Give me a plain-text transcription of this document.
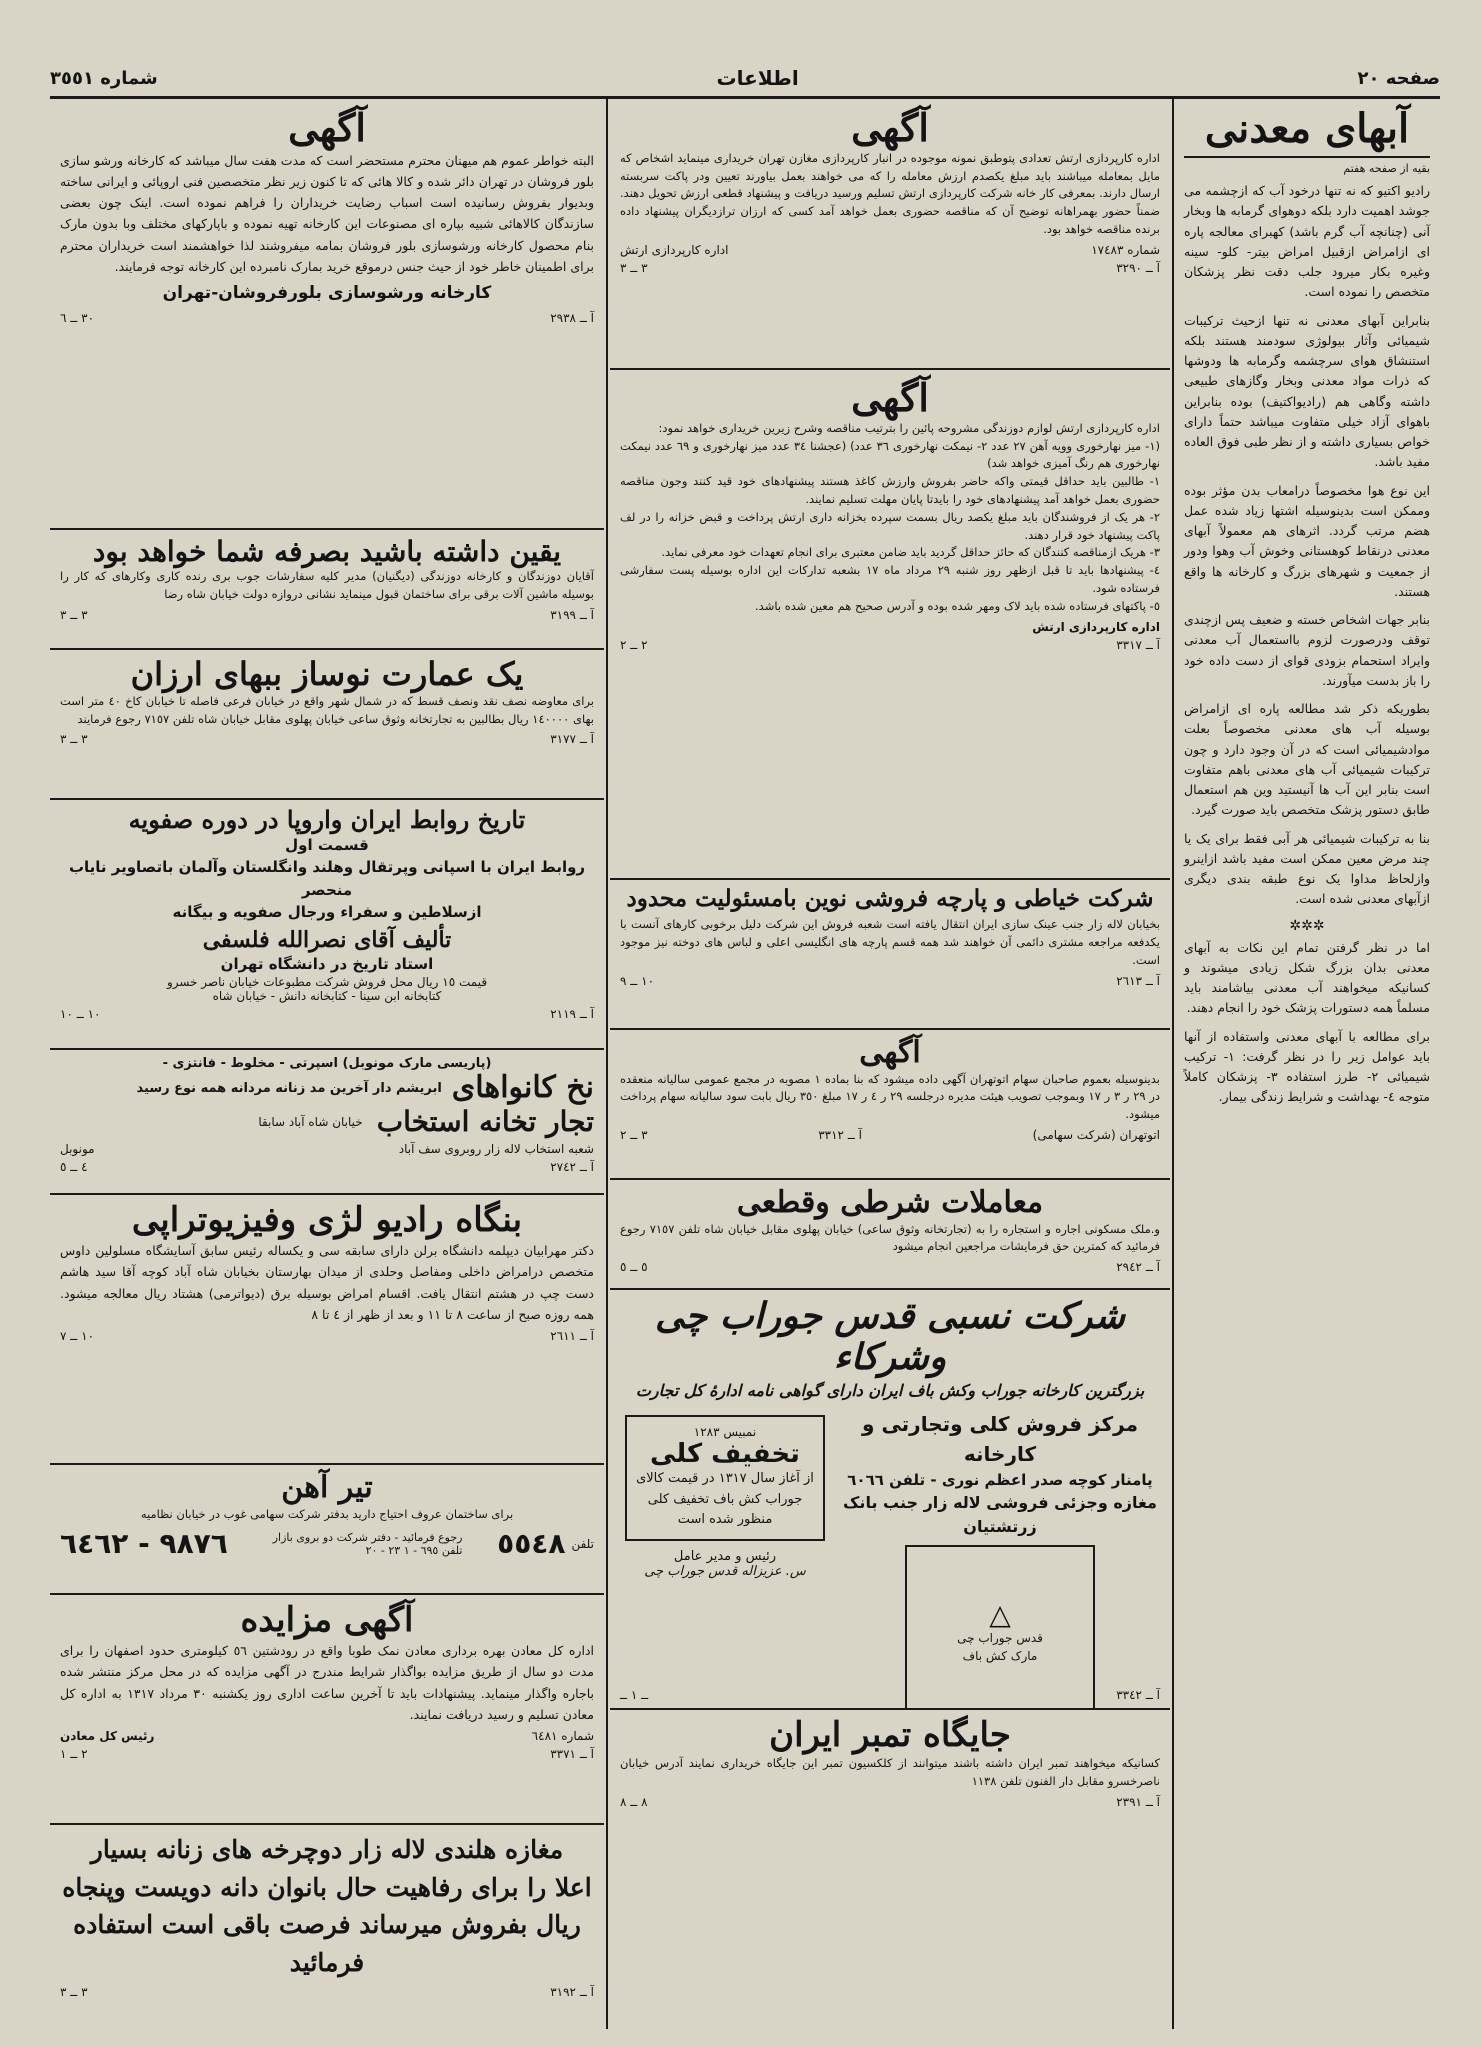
شماره ٣٥٥١	اطلاعات	صفحه ٢٠
آبهای معدنی
بقیه از صفحه هفتم

رادیو اکتیو که نه تنها درخود آب که ازچشمه می جوشد اهمیت دارد بلکه دوهوای گرمابه ها وبخار آنی (چنانچه آب گرم باشد) کهبرای معالجه پاره ای ازامراض ازقبیل امراض بیتر- کلو- سینه وغیره بکار میرود جلب دقت نظر پزشکان متخصص را نموده است.

بنابراین آبهای معدنی نه تنها ازحیث ترکیبات شیمیائی وآثار بیولوژی سودمند هستند بلکه استنشاق هوای سرچشمه وگرمابه ها ودوشها که ذرات مواد معدنی وبخار وگازهای طبیعی داشته وگاهی هم (رادیواکتیف) بوده بنابراین باهوای آزاد خیلی متفاوت میباشد حتماً دارای خواص بسیاری داشته و از نظر طبی فوق العاده مفید باشد.

این نوع هوا مخصوصاً درامعاب بدن مؤثر بوده وممکن است بدینوسیله اشتها زیاد شده عمل هضم مرتب گردد. اثرهای هم معمولاً آبهای معدنی درنقاط کوهستانی وخوش آب وهوا ودور از جمعیت و شهرهای بزرگ و کارخانه ها واقع هستند.

بنابر جهات اشخاص خسته و ضعیف پس ازچندی توقف ودرصورت لزوم بااستعمال آب معدنی وایراد استحمام بزودی قوای از دست داده خود را باز بدست میآورند.

بطوریکه ذکر شد مطالعه پاره ای ازامراض بوسیله آب های معدنی مخصوصاً بعلت موادشیمیائی است که در آن وجود دارد و چون ترکیبات شیمیائی آب های معدنی باهم متفاوت است بنابر این آب ها آنیستید وین هم استعمال طابق دستور پزشک متخصص باید صورت گیرد.

بنا به ترکیبات شیمیائی هر آبی فقط برای یک یا چند مرض معین ممکن است مفید باشد ازاینرو وازلحاظ مداوا یک نوع طبقه بندی دیگری ازآبهای معدنی شده است.

✲✲✲

اما در نظر گرفتن تمام این نکات به آبهای معدنی بدان بزرگ شکل زیادی میشوند و کسانیکه میخواهند آب معدنی بیاشامند باید مسلماً همه دستورات پزشک خود را انجام دهند.

برای مطالعه با آبهای معدنی واستفاده از آنها باید عوامل زیر را در نظر گرفت: ١- ترکیب شیمیائی ٢- طرز استفاده ٣- پزشکان کاملاً متوجه ٤- بهداشت و شرایط زندگی بیمار.

آگهی

اداره کارپردازی ارتش تعدادی پتوطبق نمونه موجوده در انبار کارپردازی مغازن تهران خریداری مینماید اشخاص که مایل بمعامله میباشند باید مبلغ یکصدم ارزش معامله را که می خواهند بعمل بیاورند تعیین ودر پاکت سربسته ارسال دارند. بمعرفی کار خانه شرکت کارپردازی ارتش تسلیم ورسید دریافت و پیشنهاد قطعی ارزش تحویل دهند. ضمناً حضور بهمراهانه توضیح آن که مناقصه حضوری بعمل خواهد آمد کسی که ارزان ترازدیگران پیشنهاد داده برنده مناقصه خواهد بود.

شماره ١٧٤٨٣
اداره کارپردازی ارتش
آ ــ ٣٢٩٠
٣ ــ ٣
آگهی

اداره کارپردازی ارتش لوازم دوزندگی مشروحه پائین را بترتیب مناقصه وشرح زیرین خریداری خواهد نمود:

(١- میز نهارخوری وویه آهن ٢٧ عدد ٢- نیمکت نهارخوری ٣٦ عدد) (عجشنا ٣٤ عدد میز نهارخوری و ٦٩ عدد نیمکت نهارخوری هم رنگ آمیزی خواهد شد)

١- طالبین باید حداقل قیمتی واکه حاضر بفروش وارزش کاغذ هستند پیشنهادهای خود قید کنند وجون مناقصه حضوری بعمل خواهد آمد پیشنهادهای خود را بایدتا پایان مهلت تسلیم نمایند.

٢- هر یک از فروشندگان باید مبلغ یکصد ریال بسمت سپرده بخزانه داری ارتش پرداخت و قبض خزانه را در لف پاکت پیشنهاد خود قرار دهند.

٣- هریک ازمناقصه کنندگان که حائز حداقل گردید باید ضامن معتبری برای انجام تعهدات خود معرفی نماید.

٤- پیشنهادها باید تا قبل ازظهر روز شنبه ٢٩ مرداد ماه ١٧ بشعبه تدارکات این اداره بوسیله پست سفارشی فرستاده شود.

٥- پاکتهای فرستاده شده باید لاک ومهر شده بوده و آدرس صحیح هم معین شده باشد.

اداره کارپردازی ارتش
آ ــ ٣٣١٧
٢ ــ ٢
شرکت خیاطی و پارچه فروشی نوین بامسئولیت محدود

بخیابان لاله زار جنب عینک سازی ایران انتقال یافته است شعبه فروش این شرکت دلیل برخوبی کارهای آنست با یکدفعه مراجعه مشتری دائمی آن خواهند شد همه قسم پارچه های انگلیسی اعلی و لباس های دوخته نیز موجود است.

آ ــ ٢٦١٣
١٠ ــ ٩
آگهی

بدینوسیله بعموم صاحبان سهام اتوتهران آگهی داده میشود که بنا بماده ١ مصوبه در مجمع عمومی سالیانه منعقده در ٢٩ ر ٣ ر ١٧ وبموجب تصویب هیئت مدیره درجلسه ٢٩ ر ٤ ر ١٧ مبلغ ٣٥٠ ریال بابت سود سالیانه سهام پرداخت میشود.

اتوتهران (شرکت سهامی)
آ ــ ٣٣١٢
٣ ــ ٢
معاملات شرطی وقطعی

و.ملک مسکونی اجاره و استجاره را به (تجارتخانه وثوق ساعی) خیابان پهلوی مقابل خیابان شاه تلفن ٧١٥٧ رجوع فرمائید که کمترین حق فرمایشات مراجعین انجام میشود

آ ــ ٢٩٤٢
٥ ــ ٥
شرکت نسبی قدس جوراب چی وشرکاء
بزرگترین کارخانه جوراب وکش باف ایران دارای گواهی نامه ادارهٔ کل تجارت
مرکز فروش کلی وتجارتی و کارخانه
پامنار کوچه صدر اعظم نوری - تلفن ٦٠٦٦
مغازه وجزئی فروشی لاله زار جنب بانک زرتشتیان
△
قدس جوراب چی
مارک کش باف
نمبیس ١٢٨٣
تخفیف کلی
از آغاز سال ١٣١٧ در قیمت کالای جوراب کش باف تخفیف کلی منظور شده است
رئیس و مدیر عامل
س. عزیزاله قدس جوراب چی
آ ــ ٣٣٤٢
ــ ١ ــ
جایگاه تمبر ایران

کسانیکه میخواهند تمبر ایران داشته باشند میتوانند از کلکسیون تمبر این جایگاه خریداری نمایند آدرس خیابان ناصرخسرو مقابل دار الفنون تلفن ١١٣٨

آ ــ ٢٣٩١
٨ ــ ٨
آگهی

البته خواطر عموم هم میهنان محترم مستحضر است که مدت هفت سال میباشد که کارخانه ورشو سازی بلور فروشان در تهران دائر شده و کالا هائی که تا کنون زیر نظر متخصصین فنی اروپائی و ایرانی ساخته وبدیوار بفروش رسانیده است اسباب رضایت خریداران را فراهم نموده است. اینک چون بعضی سازندگان کالاهائی شبیه بپاره ای مصنوعات این کارخانه تهیه نموده و باپارکهای مختلف وبا بدون مارک بنام محصول کارخانه ورشوسازی بلور فروشان بمامه میفروشند لذا خواهشمند است خریداران محترم برای اطمینان خاطر خود از حیث جنس درموقع خرید بمارک نامبرده این کارخانه توجه فرمایند.

کارخانه ورشوسازی بلورفروشان-تهران
آ ــ ٢٩٣٨
٣٠ ــ ٦
یقین داشته باشید بصرفه شما خواهد بود

آقایان دوزندگان و کارخانه دوزندگی (دیگنیان) مدیر کلیه سفارشات جوب بری رنده کاری وکارهای که کار را بوسیله ماشین آلات برقی برای ساختمان قبول مینماید نشانی دروازه دولت خیابان شاه رضا

آ ــ ٣١٩٩
٣ ــ ٣
یک عمارت نوساز ببهای ارزان

برای معاوضه نصف نقد ونصف قسط که در شمال شهر واقع در خیابان فرعی فاصله تا خیابان کاخ ٤٠ متر است بهای ١٤٠٠٠٠ ریال بطالبین به تجارتخانه وثوق ساعی خیابان پهلوی مقابل خیابان شاه تلفن ٧١٥٧ رجوع فرمایند

آ ــ ٣١٧٧
٣ ــ ٣
تاریخ روابط ایران واروپا در دوره صفویه
قسمت اول
روابط ایران با اسپانی وپرتقال وهلند وانگلستان وآلمان باتصاویر نایاب منحصر
ازسلاطین و سفراء ورجال صفویه و بیگانه
تألیف آقای نصرالله فلسفی
استاد تاریخ در دانشگاه تهران
قیمت ١٥ ریال محل فروش شرکت مطبوعات خیابان ناصر خسرو
کتابخانه ابن سینا - کتابخانه دانش - خیابان شاه
آ ــ ٢١١٩
١٠ ــ ١٠
(پاریسی مارک مونوبل) اسپرتی - مخلوط - فانتزی -
نخ کانواهای
ابریشم دار آخرین مد زنانه مردانه همه نوع رسید
تجار تخانه استخاب
خیابان شاه آباد سابقا
شعبه استخاب لاله زار روبروی سف آباد
مونوبل
آ ــ ٢٧٤٢
٤ ــ ٥
بنگاه رادیو لژی وفیزیوتراپی

دکتر مهرابیان دیپلمه دانشگاه برلن دارای سابقه سی و یکساله رئیس سابق آسایشگاه مسلولین داوس متخصص درامراض داخلی ومفاصل وحلدی از میدان بهارستان بخیابان شاه آباد کوچه آقا سید هاشم دست چپ در هشتم انتقال یافت. اقسام امراض بوسیله برق (دیواترمی) هشتاد ریال معالجه میشود. همه روزه صبح از ساعت ٨ تا ١١ و بعد از ظهر از ٤ تا ٨

آ ــ ٢٦١١
١٠ ــ ٧
تیر آهن

برای ساختمان عروف احتیاج دارید بدفتر شرکت سهامی غوب در خیابان نظامیه

تلفن
٥٥٤٨
رجوع فرمائید - دفتر شرکت دو بروی بازار تلفن ٦٩٥ - ١ ٢٣ - ٢٠
٩٨٧٦ - ٦٤٦٢
آگهی مزایده

اداره کل معادن بهره برداری معادن نمک طوبا واقع در رودشتین ٥٦ کیلومتری حدود اصفهان را برای مدت دو سال از طریق مزایده بواگذار شرایط مندرج در آگهی مزایده که در محل مرکز منتشر شده باجاره واگذار مینماید. پیشنهادات باید تا آخرین ساعت اداری روز یکشنبه ٣٠ مرداد ١٣١٧ به اداره کل معادن تسلیم و رسید دریافت نمایند.

شماره ٦٤٨١
رئیس کل معادن
آ ــ ٣٣٧١
٢ ــ ١
مغازه هلندی لاله زار دوچرخه های زنانه بسیار
اعلا را برای رفاهیت حال بانوان دانه دویست وپنجاه
ریال بفروش میرساند فرصت باقی است استفاده فرمائید
آ ــ ٣١٩٢
٣ ــ ٣
